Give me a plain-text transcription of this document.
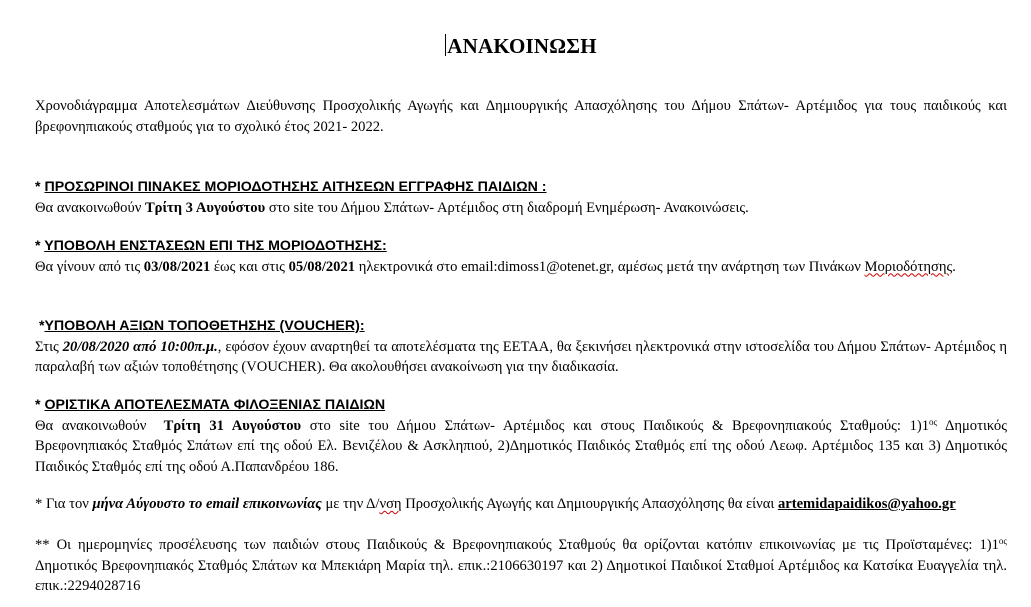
ΑΝΑΚΟΙΝΩΣΗ
Χρονοδιάγραμμα Αποτελεσμάτων Διεύθυνσης Προσχολικής Αγωγής και Δημιουργικής Απασχόλησης του Δήμου Σπάτων- Αρτέμιδος για τους παιδικούς και βρεφονηπιακούς σταθμούς για το σχολικό έτος 2021- 2022.
* ΠΡΟΣΩΡΙΝΟΙ ΠΙΝΑΚΕΣ ΜΟΡΙΟΔΟΤΗΣΗΣ ΑΙΤΗΣΕΩΝ ΕΓΓΡΑΦΗΣ ΠΑΙΔΙΩΝ :
Θα ανακοινωθούν Τρίτη 3 Αυγούστου στο site του Δήμου Σπάτων- Αρτέμιδος στη διαδρομή Ενημέρωση- Ανακοινώσεις.
* ΥΠΟΒΟΛΗ ΕΝΣΤΑΣΕΩΝ ΕΠΙ ΤΗΣ ΜΟΡΙΟΔΟΤΗΣΗΣ:
Θα γίνουν από τις 03/08/2021 έως και στις 05/08/2021 ηλεκτρονικά στο email:dimoss1@otenet.gr, αμέσως μετά την ανάρτηση των Πινάκων Μοριοδότησης.
*ΥΠΟΒΟΛΗ ΑΞΙΩΝ ΤΟΠΟΘΕΤΗΣΗΣ (VOUCHER):
Στις 20/08/2020 από 10:00π.μ., εφόσον έχουν αναρτηθεί τα αποτελέσματα της ΕΕΤΑΑ, θα ξεκινήσει ηλεκτρονικά στην ιστοσελίδα του Δήμου Σπάτων- Αρτέμιδος η παραλαβή των αξιών τοποθέτησης (VOUCHER). Θα ακολουθήσει ανακοίνωση για την διαδικασία.
* ΟΡΙΣΤΙΚΑ ΑΠΟΤΕΛΕΣΜΑΤΑ ΦΙΛΟΞΕΝΙΑΣ ΠΑΙΔΙΩΝ
Θα ανακοινωθούν  Τρίτη 31 Αυγούστου στο site του Δήμου Σπάτων- Αρτέμιδος και στους Παιδικούς & Βρεφονηπιακούς Σταθμούς: $1)1^{o\varsigma}$ Δημοτικός Βρεφονηπιακός Σταθμός Σπάτων επί της οδού Ελ. Βενιζέλου & Ασκληπιού, 2)Δημοτικός Παιδικός Σταθμός επί της οδού Λεωφ. Αρτέμιδος 135 και 3) Δημοτικός Παιδικός Σταθμός επί της οδού Α.Παπανδρέου 186.
* Για τον μήνα Αύγουστο το email επικοινωνίας με την Δ/νση Προσχολικής Αγωγής και Δημιουργικής Απασχόλησης θα είναι artemidapaidikos@yahoo.gr
** Οι ημερομηνίες προσέλευσης των παιδιών στους Παιδικούς & Βρεφονηπιακούς Σταθμούς θα ορίζονται κατόπιν επικοινωνίας με τις Προϊσταμένες: $1)1^{o\varsigma}$  Δημοτικός Βρεφονηπιακός Σταθμός Σπάτων κα Μπεκιάρη Μαρία τηλ. επικ.:2106630197 και 2) Δημοτικοί Παιδικοί Σταθμοί Αρτέμιδος κα Κατσίκα Ευαγγελία τηλ. επικ.:2294028716
